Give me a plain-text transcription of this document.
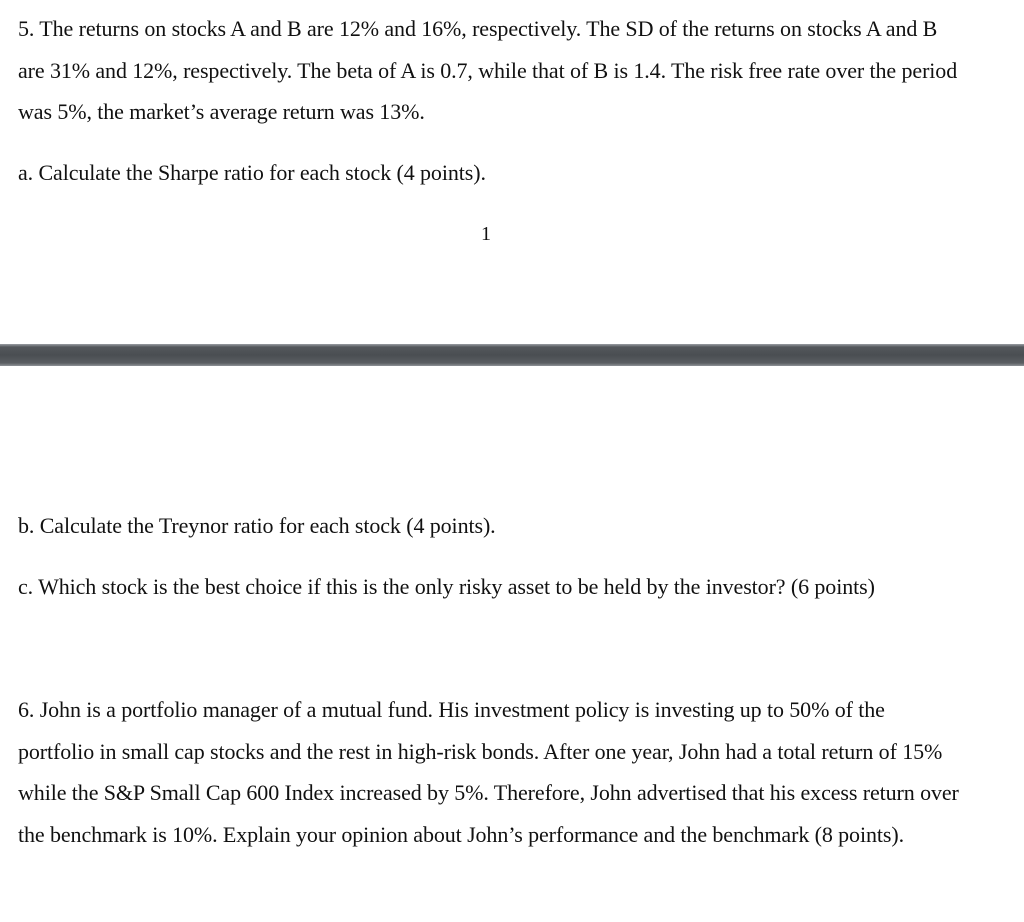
5. The returns on stocks A and B are 12% and 16%, respectively. The SD of the returns on stocks A and B are 31% and 12%, respectively. The beta of A is 0.7, while that of B is 1.4. The risk free rate over the period was 5%, the market’s average return was 13%.

a. Calculate the Sharpe ratio for each stock (4 points).

1

b. Calculate the Treynor ratio for each stock (4 points).

c. Which stock is the best choice if this is the only risky asset to be held by the investor? (6 points)

6. John is a portfolio manager of a mutual fund. His investment policy is investing up to 50% of the portfolio in small cap stocks and the rest in high-risk bonds. After one year, John had a total return of 15% while the S&P Small Cap 600 Index increased by 5%. Therefore, John advertised that his excess return over the benchmark is 10%. Explain your opinion about John’s performance and the benchmark (8 points).
